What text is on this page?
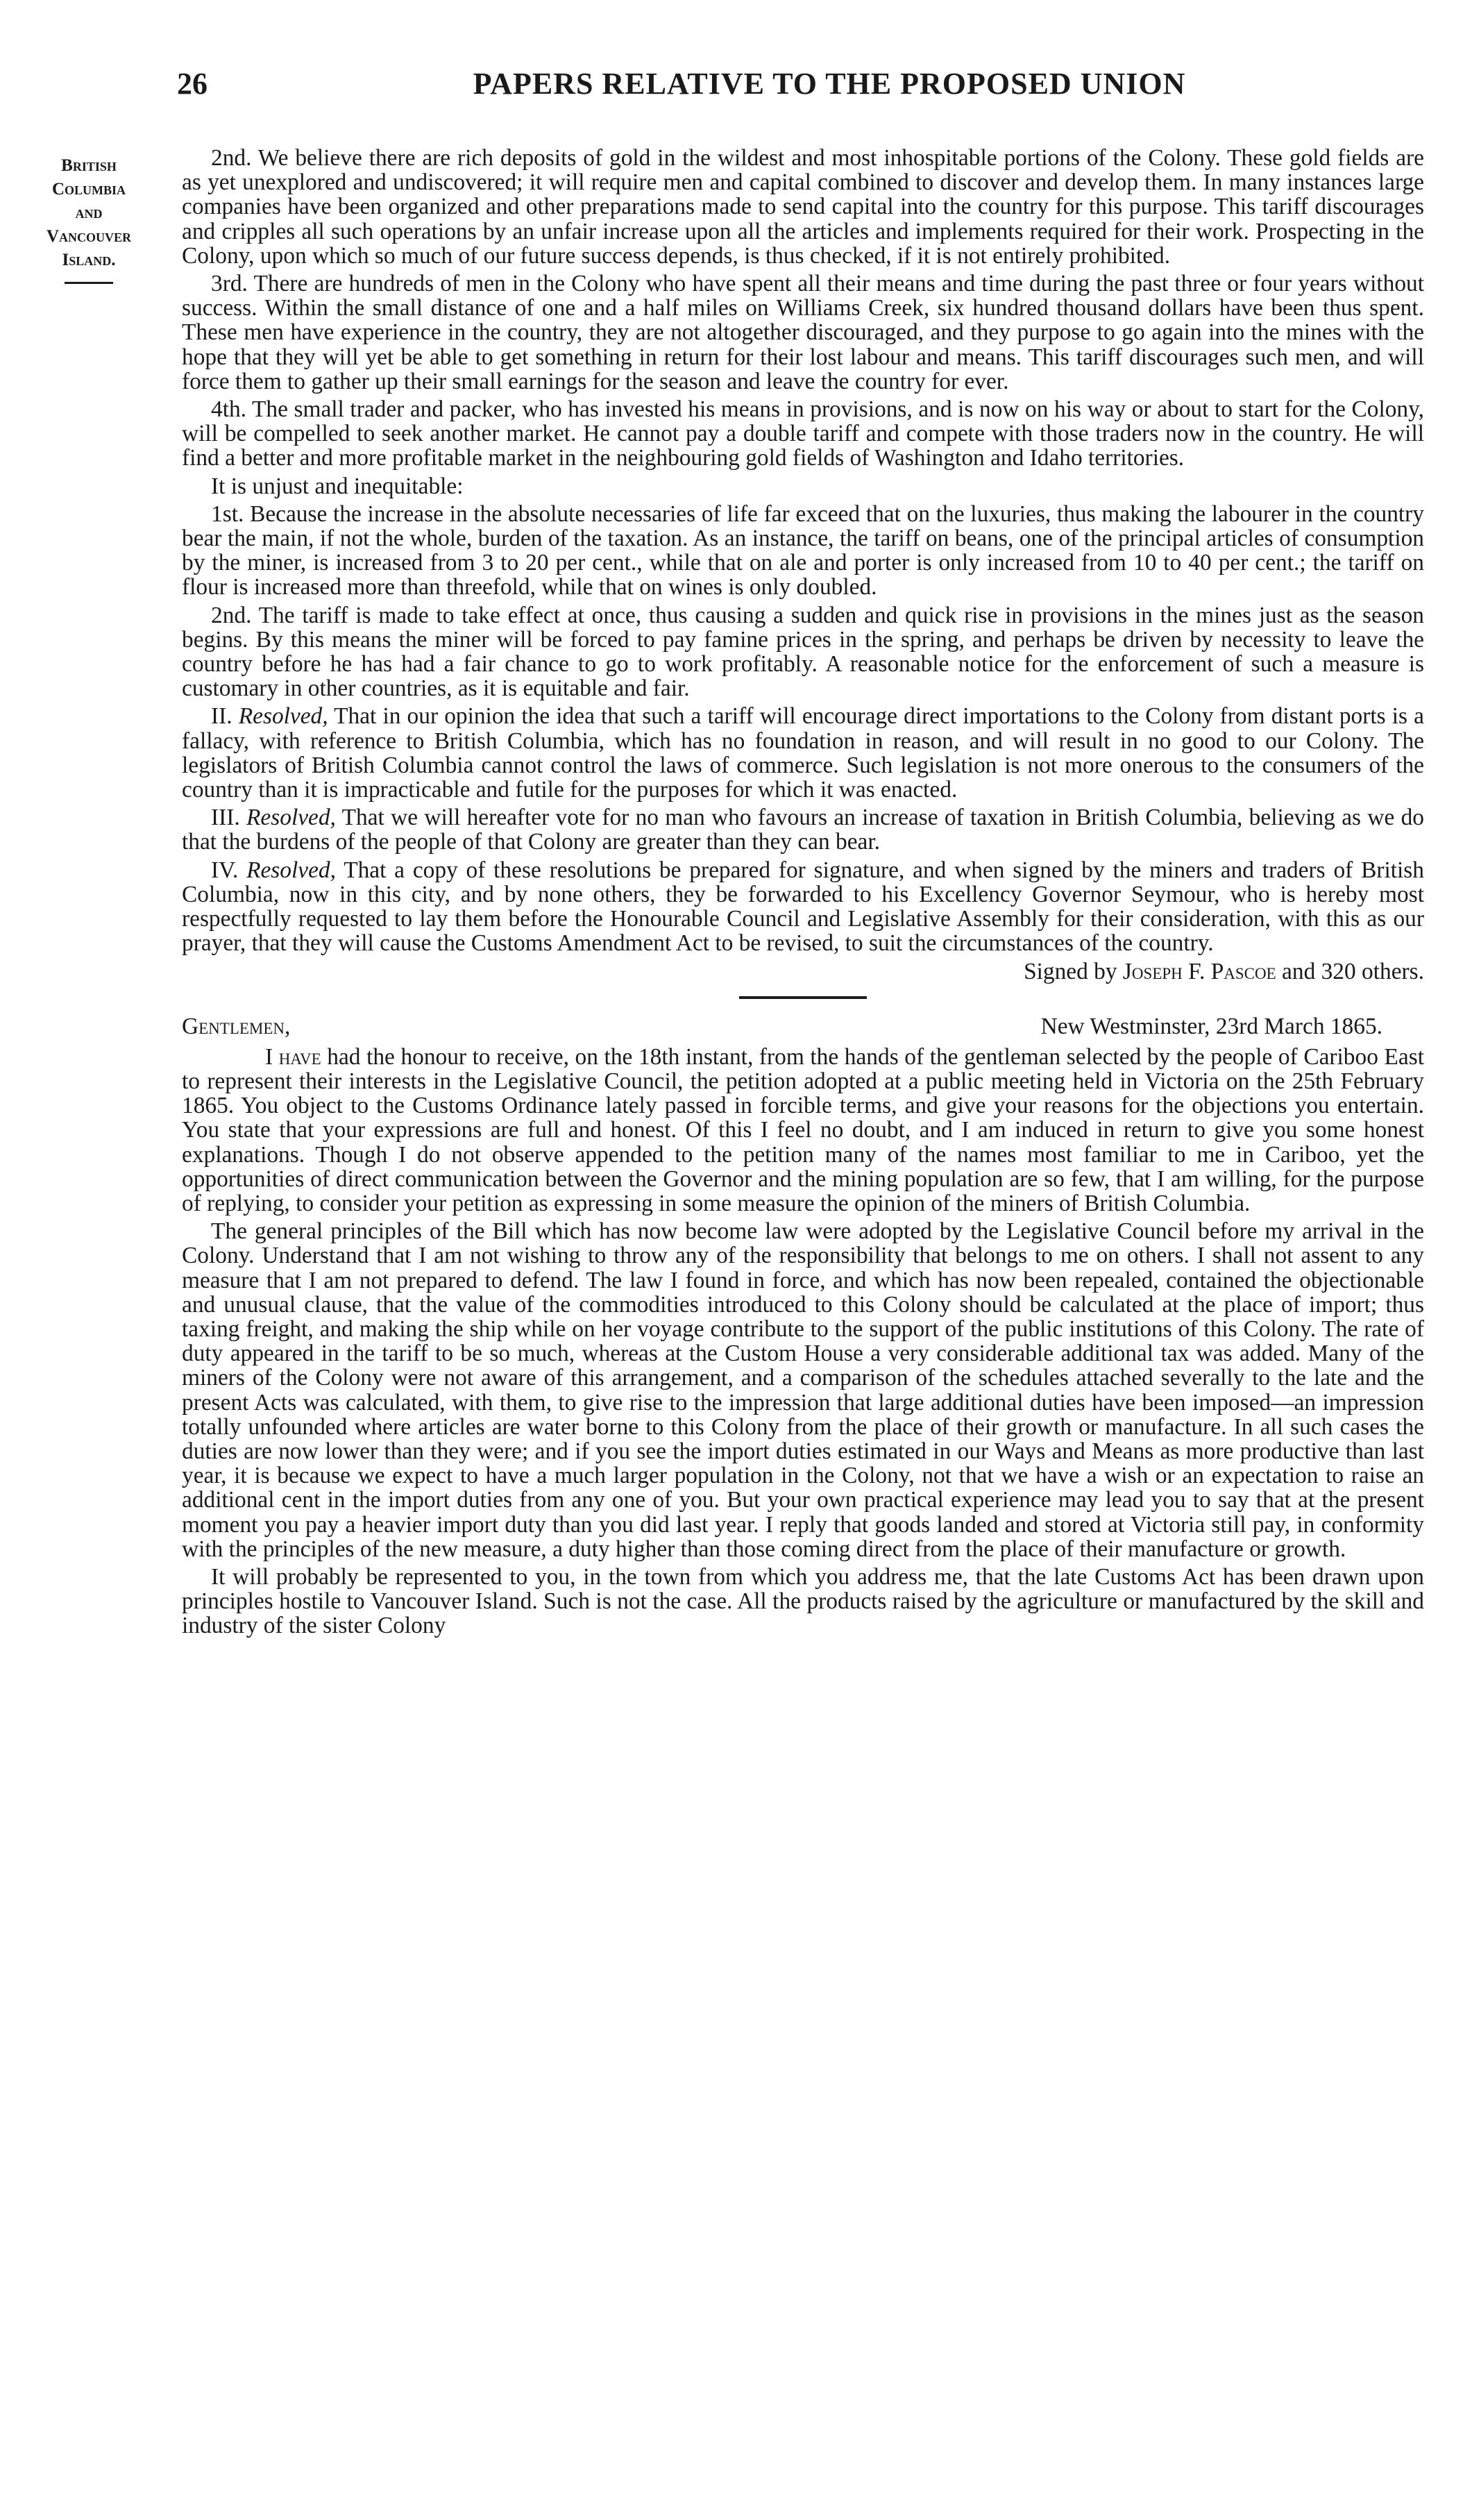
26	PAPERS RELATIVE TO THE PROPOSED UNION
British
Columbia
and
Vancouver
Island.

2nd. We believe there are rich deposits of gold in the wildest and most inhospitable portions of the Colony. These gold fields are as yet unexplored and undiscovered; it will require men and capital combined to discover and develop them. In many instances large companies have been organized and other preparations made to send capital into the country for this purpose. This tariff discourages and cripples all such operations by an unfair increase upon all the articles and implements required for their work. Prospecting in the Colony, upon which so much of our future success depends, is thus checked, if it is not entirely prohibited.

3rd. There are hundreds of men in the Colony who have spent all their means and time during the past three or four years without success. Within the small distance of one and a half miles on Williams Creek, six hundred thousand dollars have been thus spent. These men have experience in the country, they are not altogether discouraged, and they purpose to go again into the mines with the hope that they will yet be able to get something in return for their lost labour and means. This tariff discourages such men, and will force them to gather up their small earnings for the season and leave the country for ever.

4th. The small trader and packer, who has invested his means in provisions, and is now on his way or about to start for the Colony, will be compelled to seek another market. He cannot pay a double tariff and compete with those traders now in the country. He will find a better and more profitable market in the neighbouring gold fields of Washington and Idaho territories.

It is unjust and inequitable:

1st. Because the increase in the absolute necessaries of life far exceed that on the luxuries, thus making the labourer in the country bear the main, if not the whole, burden of the taxation. As an instance, the tariff on beans, one of the principal articles of consumption by the miner, is increased from 3 to 20 per cent., while that on ale and porter is only increased from 10 to 40 per cent.; the tariff on flour is increased more than threefold, while that on wines is only doubled.

2nd. The tariff is made to take effect at once, thus causing a sudden and quick rise in provisions in the mines just as the season begins. By this means the miner will be forced to pay famine prices in the spring, and perhaps be driven by necessity to leave the country before he has had a fair chance to go to work profitably. A reasonable notice for the enforcement of such a measure is customary in other countries, as it is equitable and fair.

II. Resolved, That in our opinion the idea that such a tariff will encourage direct importations to the Colony from distant ports is a fallacy, with reference to British Columbia, which has no foundation in reason, and will result in no good to our Colony. The legislators of British Columbia cannot control the laws of commerce. Such legislation is not more onerous to the consumers of the country than it is impracticable and futile for the purposes for which it was enacted.

III. Resolved, That we will hereafter vote for no man who favours an increase of taxation in British Columbia, believing as we do that the burdens of the people of that Colony are greater than they can bear.

IV. Resolved, That a copy of these resolutions be prepared for signature, and when signed by the miners and traders of British Columbia, now in this city, and by none others, they be forwarded to his Excellency Governor Seymour, who is hereby most respectfully requested to lay them before the Honourable Council and Legislative Assembly for their consideration, with this as our prayer, that they will cause the Customs Amendment Act to be revised, to suit the circumstances of the country.

Signed by Joseph F. Pascoe and 320 others.

Gentlemen,	New Westminster, 23rd March 1865.

I have had the honour to receive, on the 18th instant, from the hands of the gentleman selected by the people of Cariboo East to represent their interests in the Legislative Council, the petition adopted at a public meeting held in Victoria on the 25th February 1865. You object to the Customs Ordinance lately passed in forcible terms, and give your reasons for the objections you entertain. You state that your expressions are full and honest. Of this I feel no doubt, and I am induced in return to give you some honest explanations. Though I do not observe appended to the petition many of the names most familiar to me in Cariboo, yet the opportunities of direct communication between the Governor and the mining population are so few, that I am willing, for the purpose of replying, to consider your petition as expressing in some measure the opinion of the miners of British Columbia.

The general principles of the Bill which has now become law were adopted by the Legislative Council before my arrival in the Colony. Understand that I am not wishing to throw any of the responsibility that belongs to me on others. I shall not assent to any measure that I am not prepared to defend. The law I found in force, and which has now been repealed, contained the objectionable and unusual clause, that the value of the commodities introduced to this Colony should be calculated at the place of import; thus taxing freight, and making the ship while on her voyage contribute to the support of the public institutions of this Colony. The rate of duty appeared in the tariff to be so much, whereas at the Custom House a very considerable additional tax was added. Many of the miners of the Colony were not aware of this arrangement, and a comparison of the schedules attached severally to the late and the present Acts was calculated, with them, to give rise to the impression that large additional duties have been imposed—an impression totally unfounded where articles are water borne to this Colony from the place of their growth or manufacture. In all such cases the duties are now lower than they were; and if you see the import duties estimated in our Ways and Means as more productive than last year, it is because we expect to have a much larger population in the Colony, not that we have a wish or an expectation to raise an additional cent in the import duties from any one of you. But your own practical experience may lead you to say that at the present moment you pay a heavier import duty than you did last year. I reply that goods landed and stored at Victoria still pay, in conformity with the principles of the new measure, a duty higher than those coming direct from the place of their manufacture or growth.

It will probably be represented to you, in the town from which you address me, that the late Customs Act has been drawn upon principles hostile to Vancouver Island. Such is not the case. All the products raised by the agriculture or manufactured by the skill and industry of the sister Colony
